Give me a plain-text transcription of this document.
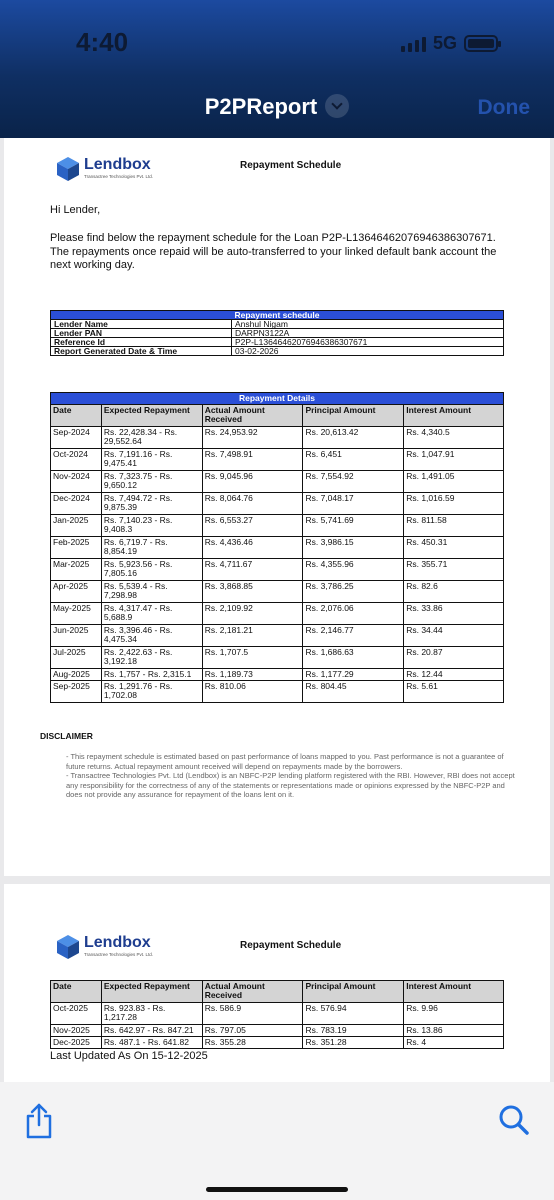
4:40	5G
P2PReport	Done
Lendbox
Transactree Technologies Pvt. Ltd.
Repayment Schedule
Hi Lender,
Please find below the repayment schedule for the Loan P2P-L13646462076946386307671. The repayments once repaid will be auto-transferred to your linked default bank account the next working day.
Repayment schedule	
Lender Name	Anshul Nigam
Lender PAN	DARPN3122A
Reference Id	P2P-L13646462076946386307671
Report Generated Date & Time	03-02-2026
Repayment Details				
Date	Expected Repayment	Actual Amount Received	Principal Amount	Interest Amount
Sep-2024	Rs. 22,428.34 - Rs. 29,552.64	Rs. 24,953.92	Rs. 20,613.42	Rs. 4,340.5
Oct-2024	Rs. 7,191.16 - Rs. 9,475.41	Rs. 7,498.91	Rs. 6,451	Rs. 1,047.91
Nov-2024	Rs. 7,323.75 - Rs. 9,650.12	Rs. 9,045.96	Rs. 7,554.92	Rs. 1,491.05
Dec-2024	Rs. 7,494.72 - Rs. 9,875.39	Rs. 8,064.76	Rs. 7,048.17	Rs. 1,016.59
Jan-2025	Rs. 7,140.23 - Rs. 9,408.3	Rs. 6,553.27	Rs. 5,741.69	Rs. 811.58
Feb-2025	Rs. 6,719.7 - Rs. 8,854.19	Rs. 4,436.46	Rs. 3,986.15	Rs. 450.31
Mar-2025	Rs. 5,923.56 - Rs. 7,805.16	Rs. 4,711.67	Rs. 4,355.96	Rs. 355.71
Apr-2025	Rs. 5,539.4 - Rs. 7,298.98	Rs. 3,868.85	Rs. 3,786.25	Rs. 82.6
May-2025	Rs. 4,317.47 - Rs. 5,688.9	Rs. 2,109.92	Rs. 2,076.06	Rs. 33.86
Jun-2025	Rs. 3,396.46 - Rs. 4,475.34	Rs. 2,181.21	Rs. 2,146.77	Rs. 34.44
Jul-2025	Rs. 2,422.63 - Rs. 3,192.18	Rs. 1,707.5	Rs. 1,686.63	Rs. 20.87
Aug-2025	Rs. 1,757 - Rs. 2,315.1	Rs. 1,189.73	Rs. 1,177.29	Rs. 12.44
Sep-2025	Rs. 1,291.76 - Rs. 1,702.08	Rs. 810.06	Rs. 804.45	Rs. 5.61
DISCLAIMER

- This repayment schedule is estimated based on past performance of loans mapped to you. Past performance is not a guarantee of future returns. Actual repayment amount received will depend on repayments made by the borrowers.

- Transactree Technologies Pvt. Ltd (Lendbox) is an NBFC-P2P lending platform registered with the RBI. However, RBI does not accept any responsibility for the correctness of any of the statements or representations made or opinions expressed by the NBFC-P2P and does not provide any assurance for repayment of the loans lent on it.

Lendbox
Transactree Technologies Pvt. Ltd.
Repayment Schedule
Date	Expected Repayment	Actual Amount Received	Principal Amount	Interest Amount
Oct-2025	Rs. 923.83 - Rs. 1,217.28	Rs. 586.9	Rs. 576.94	Rs. 9.96
Nov-2025	Rs. 642.97 - Rs. 847.21	Rs. 797.05	Rs. 783.19	Rs. 13.86
Dec-2025	Rs. 487.1 - Rs. 641.82	Rs. 355.28	Rs. 351.28	Rs. 4
Last Updated As On 15-12-2025
